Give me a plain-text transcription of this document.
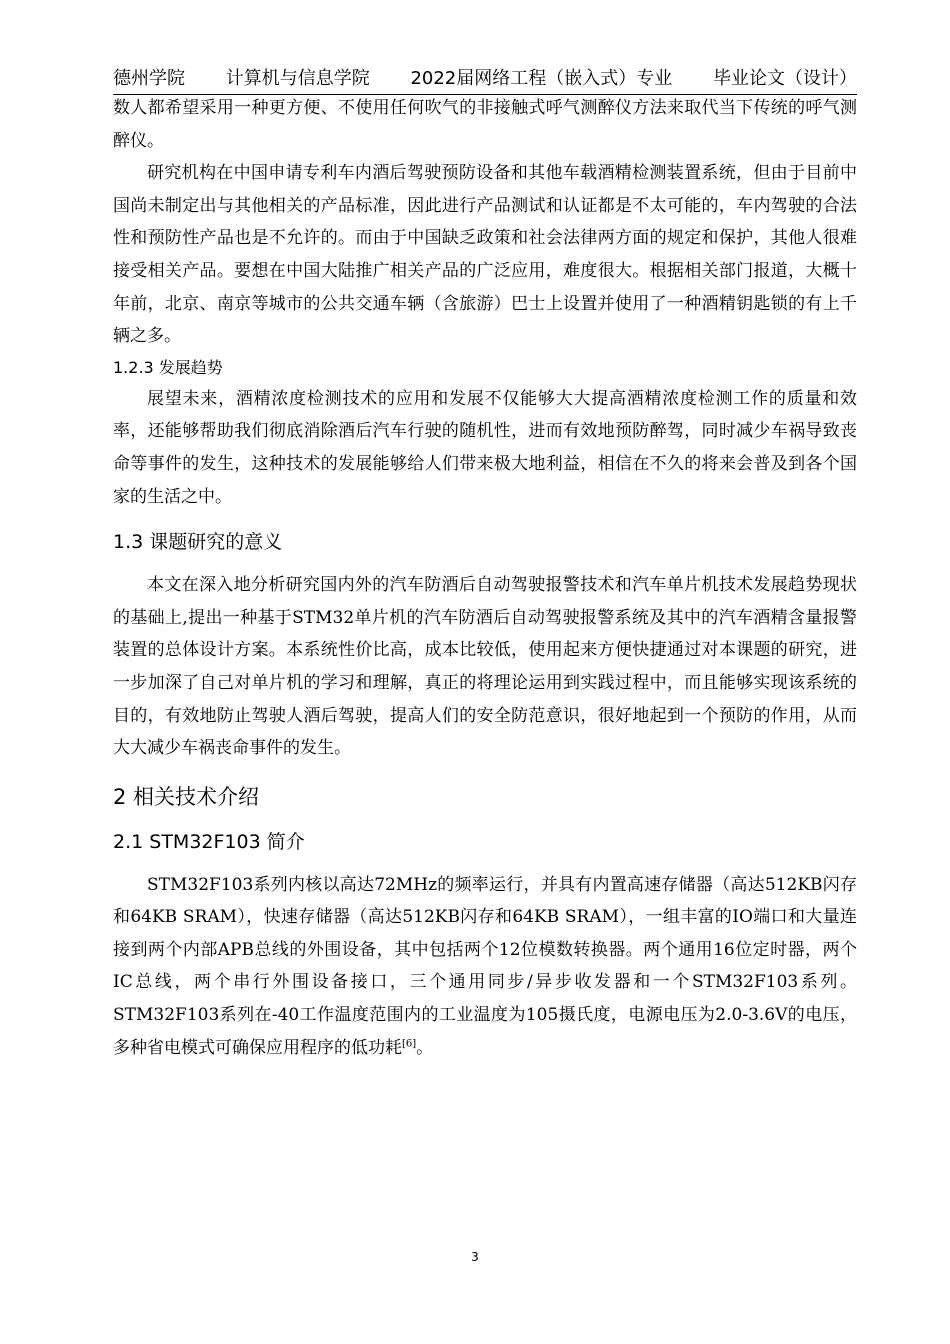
德州学院 计算机与信息学院 2022届网络工程（嵌入式）专业 毕业论文（设计）

数人都希望采用一种更方便、不使用任何吹气的非接触式呼气测醉仪方法来取代当下传统的呼气测醉仪。

研究机构在中国申请专利车内酒后驾驶预防设备和其他车载酒精检测装置系统，但由于目前中国尚未制定出与其他相关的产品标准，因此进行产品测试和认证都是不太可能的，车内驾驶的合法性和预防性产品也是不允许的。而由于中国缺乏政策和社会法律两方面的规定和保护，其他人很难接受相关产品。要想在中国大陆推广相关产品的广泛应用，难度很大。根据相关部门报道，大概十年前，北京、南京等城市的公共交通车辆（含旅游）巴士上设置并使用了一种酒精钥匙锁的有上千辆之多。

1.2.3 发展趋势

展望未来，酒精浓度检测技术的应用和发展不仅能够大大提高酒精浓度检测工作的质量和效率，还能够帮助我们彻底消除酒后汽车行驶的随机性，进而有效地预防醉驾，同时减少车祸导致丧命等事件的发生，这种技术的发展能够给人们带来极大地利益，相信在不久的将来会普及到各个国家的生活之中。

1.3 课题研究的意义

本文在深入地分析研究国内外的汽车防酒后自动驾驶报警技术和汽车单片机技术发展趋势现状的基础上,提出一种基于STM32单片机的汽车防酒后自动驾驶报警系统及其中的汽车酒精含量报警装置的总体设计方案。本系统性价比高，成本比较低，使用起来方便快捷通过对本课题的研究，进一步加深了自己对单片机的学习和理解，真正的将理论运用到实践过程中，而且能够实现该系统的目的，有效地防止驾驶人酒后驾驶，提高人们的安全防范意识，很好地起到一个预防的作用，从而大大减少车祸丧命事件的发生。

2 相关技术介绍
2.1 STM32F103 简介

STM32F103系列内核以高达72MHz的频率运行，并具有内置高速存储器（高达512KB闪存和64KB SRAM），快速存储器（高达512KB闪存和64KB SRAM），一组丰富的IO端口和大量连接到两个内部APB总线的外围设备，其中包括两个12位模数转换器。两个通用16位定时器，两个IC总线，两个串行外围设备接口，三个通用同步/异步收发器和一个STM32F103系列。STM32F103系列在-40工作温度范围内的工业温度为105摄氏度，电源电压为2.0-3.6V的电压，多种省电模式可确保应用程序的低功耗[6]。

3
